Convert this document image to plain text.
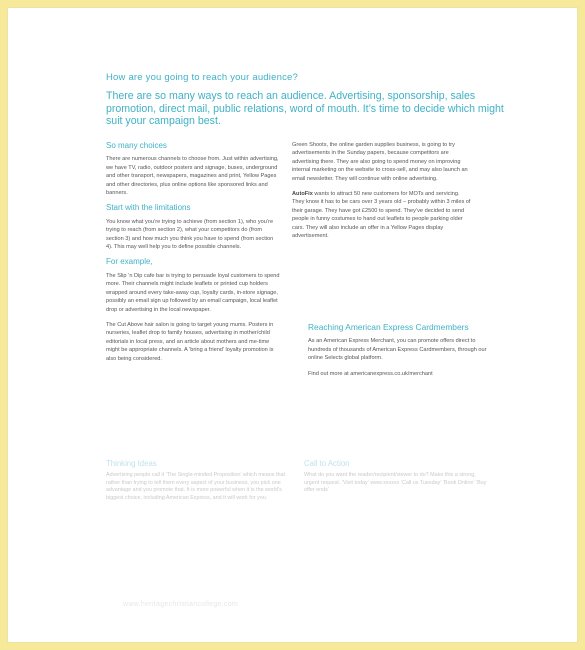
How are you going to reach your audience?
There are so many ways to reach an audience. Advertising, sponsorship, sales promotion, direct mail, public relations, word of mouth. It’s time to decide which might suit your campaign best.
So many choices

There are numerous channels to choose from. Just within advertising, we have TV, radio, outdoor posters and signage, buses, underground and other transport, newspapers, magazines and print, Yellow Pages and other directories, plus online options like sponsored links and banners.

Start with the limitations

You know what you’re trying to achieve (from section 1), who you’re trying to reach (from section 2), what your competitors do (from section 3) and how much you think you have to spend (from section 4). This may well help you to define possible channels.

For example,

The Slip ’n Dip cafe bar is trying to persuade loyal customers to spend more. Their channels might include leaflets or printed cup holders wrapped around every take-away cup, loyalty cards, in-store signage, possibly an email sign up followed by an email campaign, local leaflet drop or advertising in the local newspaper.

The Cut Above hair salon is going to target young mums. Posters in nurseries, leaflet drop to family houses, advertising in mother/child editorials in local press, and an article about mothers and me-time might be appropriate channels. A ‘bring a friend’ loyalty promotion is also being considered.

Green Shoots, the online garden supplies business, is going to try advertisements in the Sunday papers, because competitors are advertising there. They are also going to spend money on improving internal marketing on the website to cross-sell, and may also launch an email newsletter. They will continue with online advertising.

AutoFix wants to attract 50 new customers for MOTs and servicing. They know it has to be cars over 3 years old – probably within 3 miles of their garage. They have got £2500 to spend. They’ve decided to send people in funny costumes to hand out leaflets to people parking older cars. They will also include an offer in a Yellow Pages display advertisement.

Reaching American Express Cardmembers

As an American Express Merchant, you can promote offers direct to hundreds of thousands of American Express Cardmembers, through our online Selects global platform.

Find out more at americanexpress.co.uk/merchant

Thinking Ideas
Advertising people call it ‘The Single-minded Proposition’ which means that rather than trying to tell them every aspect of your business, you pick one advantage and you promote that. It is more powerful when it is the world’s biggest choice, including American Express, and it will work for you.
Call to Action
What do you want the reader/recipient/viewer to do? Make this a strong, urgent request. ‘Visit today’ www.xxxxxx ‘Call us Tuesday’ ‘Book Online’ ‘Buy offer ends’
www.heritagechristiancollege.com
